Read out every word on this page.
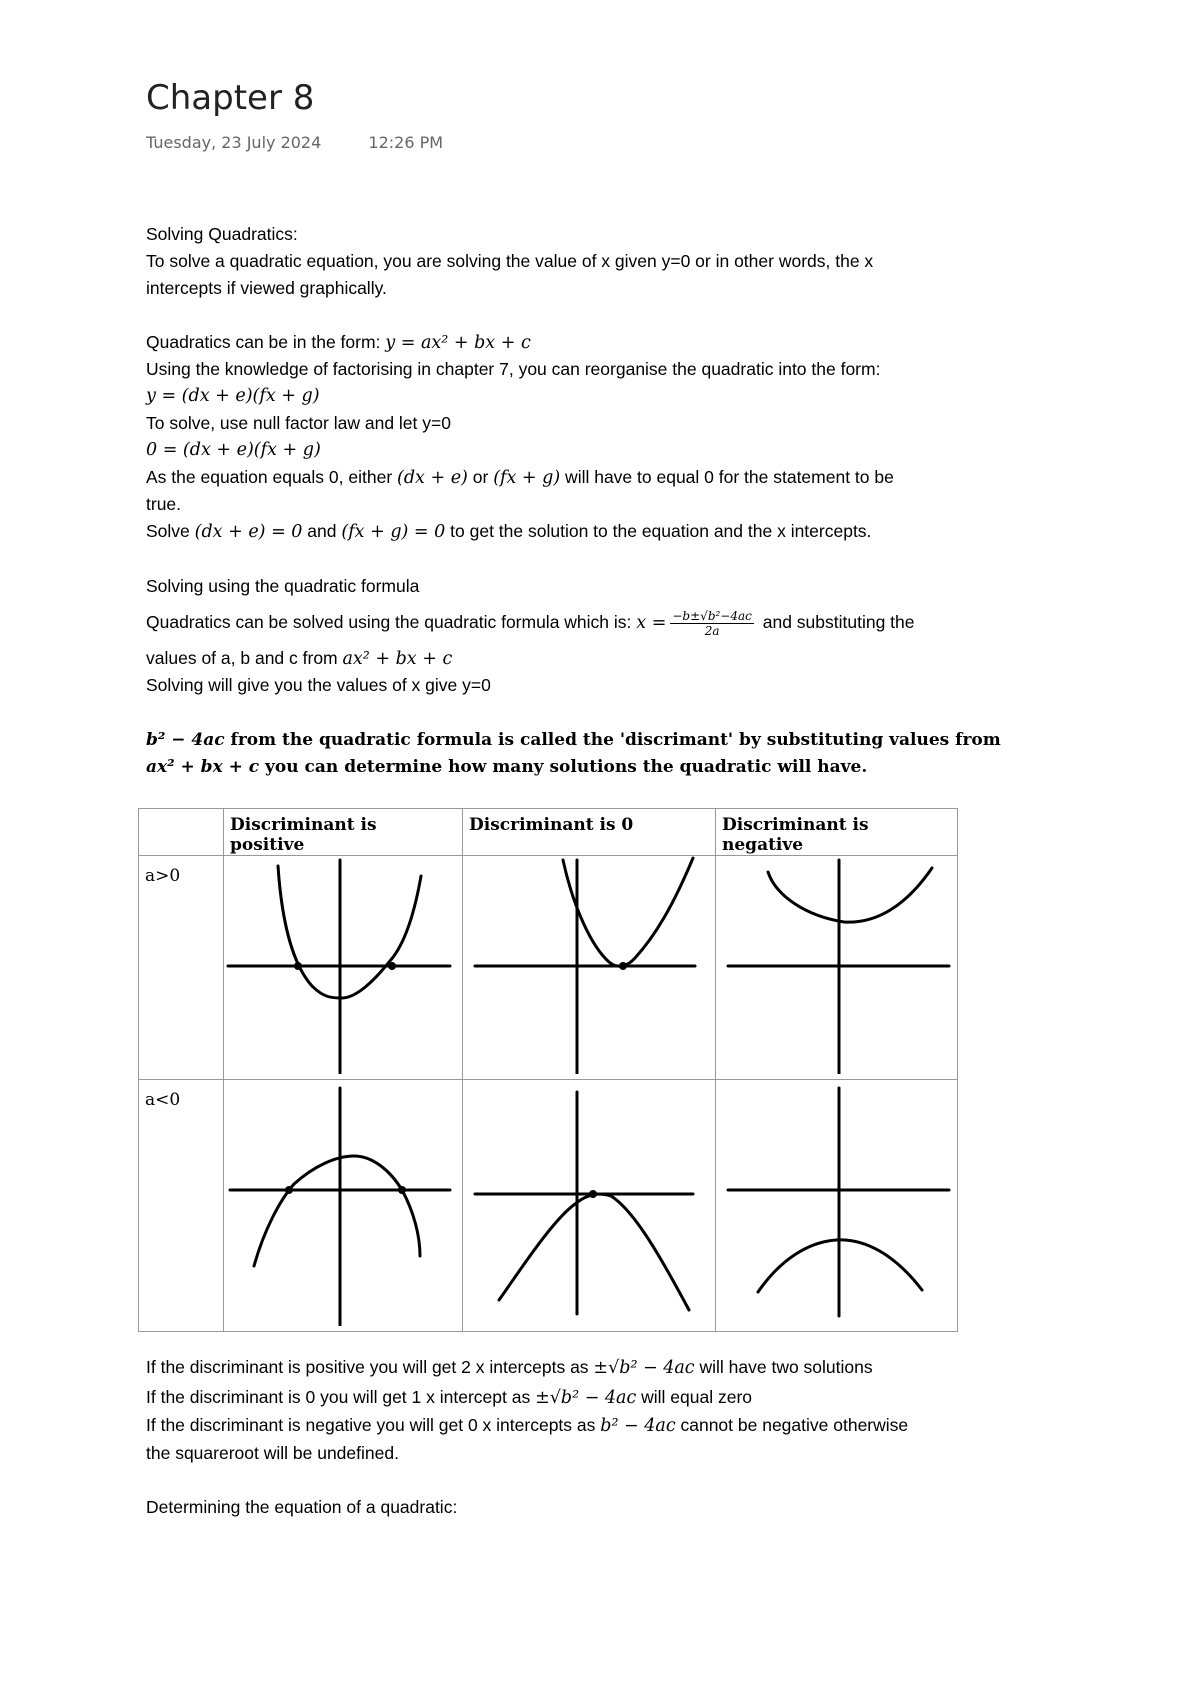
Chapter 8
Tuesday, 23 July 2024	12:26 PM
Solving Quadratics:
To solve a quadratic equation, you are solving the value of x given y=0 or in other words, the x
intercepts if viewed graphically.
Quadratics can be in the form: y = ax² + bx + c
Using the knowledge of factorising in chapter 7, you can reorganise the quadratic into the form:
y = (dx + e)(fx + g)
To solve, use null factor law and let y=0
0 = (dx + e)(fx + g)
As the equation equals 0, either (dx + e) or (fx + g) will have to equal 0 for the statement to be
true.
Solve (dx + e) = 0 and (fx + g) = 0 to get the solution to the equation and the x intercepts.
Solving using the quadratic formula
Quadratics can be solved using the quadratic formula which is: $x = \frac{\text{−b±√b²−4ac}}{2a}$ and substituting the
values of a, b and c from ax² + bx + c
Solving will give you the values of x give y=0
b² − 4ac from the quadratic formula is called the 'discrimant' by substituting values from
ax² + bx + c you can determine how many solutions the quadratic will have.
	Discriminant is positive	Discriminant is 0	Discriminant is negative
a>0			
a<0			
If the discriminant is positive you will get 2 x intercepts as ±√b² − 4ac will have two solutions
If the discriminant is 0 you will get 1 x intercept as ±√b² − 4ac will equal zero
If the discriminant is negative you will get 0 x intercepts as b² − 4ac cannot be negative otherwise
the squareroot will be undefined.
Determining the equation of a quadratic:
